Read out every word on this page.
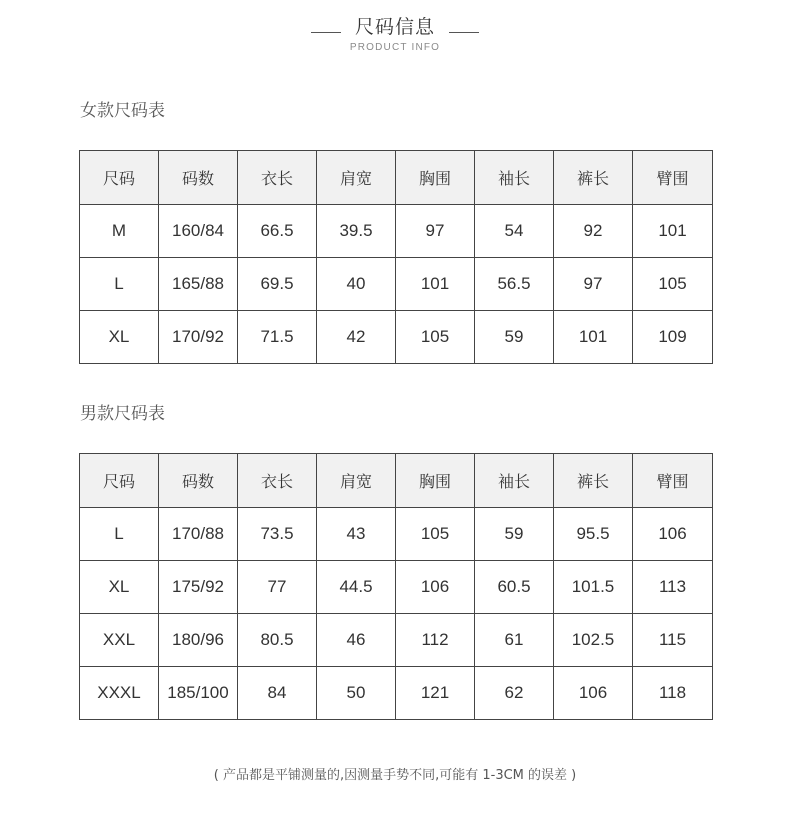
尺码信息
PRODUCT INFO
女款尺码表
尺码	码数	衣长	肩宽	胸围	袖长	裤长	臂围
M	160/84	66.5	39.5	97	54	92	101
L	165/88	69.5	40	101	56.5	97	105
XL	170/92	71.5	42	105	59	101	109
男款尺码表
尺码	码数	衣长	肩宽	胸围	袖长	裤长	臂围
L	170/88	73.5	43	105	59	95.5	106
XL	175/92	77	44.5	106	60.5	101.5	113
XXL	180/96	80.5	46	112	61	102.5	115
XXXL	185/100	84	50	121	62	106	118
( 产品都是平铺测量的,因测量手势不同,可能有 1-3CM 的误差 )
